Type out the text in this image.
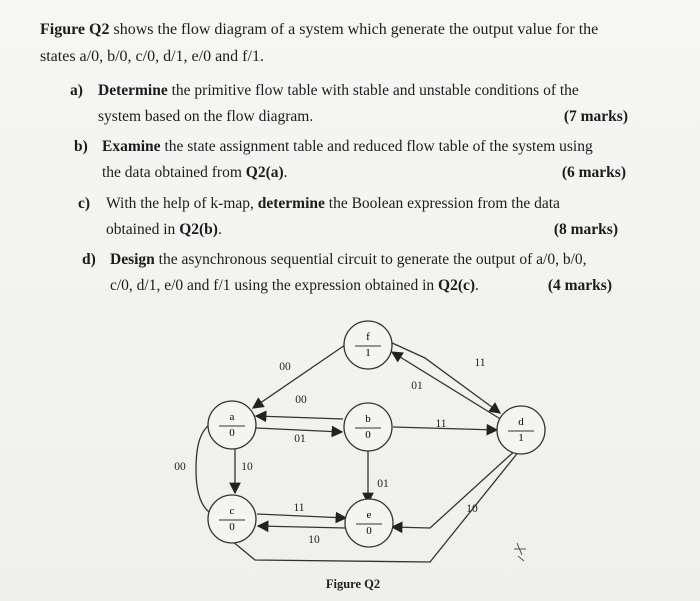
Figure Q2 shows the flow diagram of a system which generate the output value for the
states a/0, b/0, c/0, d/1, e/0 and f/1.
a) Determine the primitive flow table with stable and unstable conditions of the
system based on the flow diagram.	(7 marks)
b) Examine the state assignment table and reduced flow table of the system using
the data obtained from Q2(a).	(6 marks)
c) With the help of k-map, determine the Boolean expression from the data
obtained in Q2(b).	(8 marks)
d) Design the asynchronous sequential circuit to generate the output of a/0, b/0,
c/0, d/1, e/0 and f/1 using the expression obtained in Q2(c).	(4 marks)
f
1
a
0
b
0
d
1
c
0
e
0
00	10
00
00
01
11
01
11
01
11
10
10
Figure Q2
